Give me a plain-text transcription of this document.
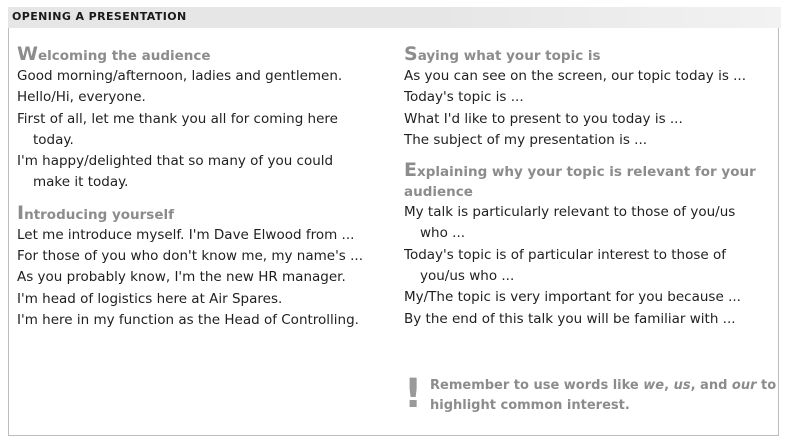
OPENING A PRESENTATION

Welcoming the audience

Good morning/afternoon, ladies and gentlemen.

Hello/Hi, everyone.

First of all, let me thank you all for coming here
today.

I'm happy/delighted that so many of you could
make it today.

Introducing yourself

Let me introduce myself. I'm Dave Elwood from ...

For those of you who don't know me, my name's ...

As you probably know, I'm the new HR manager.

I'm head of logistics here at Air Spares.

I'm here in my function as the Head of Controlling.

Saying what your topic is

As you can see on the screen, our topic today is ...

Today's topic is ...

What I'd like to present to you today is ...

The subject of my presentation is ...

Explaining why your topic is relevant for your
audience

My talk is particularly relevant to those of you/us
who ...

Today's topic is of particular interest to those of
you/us who ...

My/The topic is very important for you because ...

By the end of this talk you will be familiar with ...

! Remember to use words like we, us, and our to highlight common interest.
